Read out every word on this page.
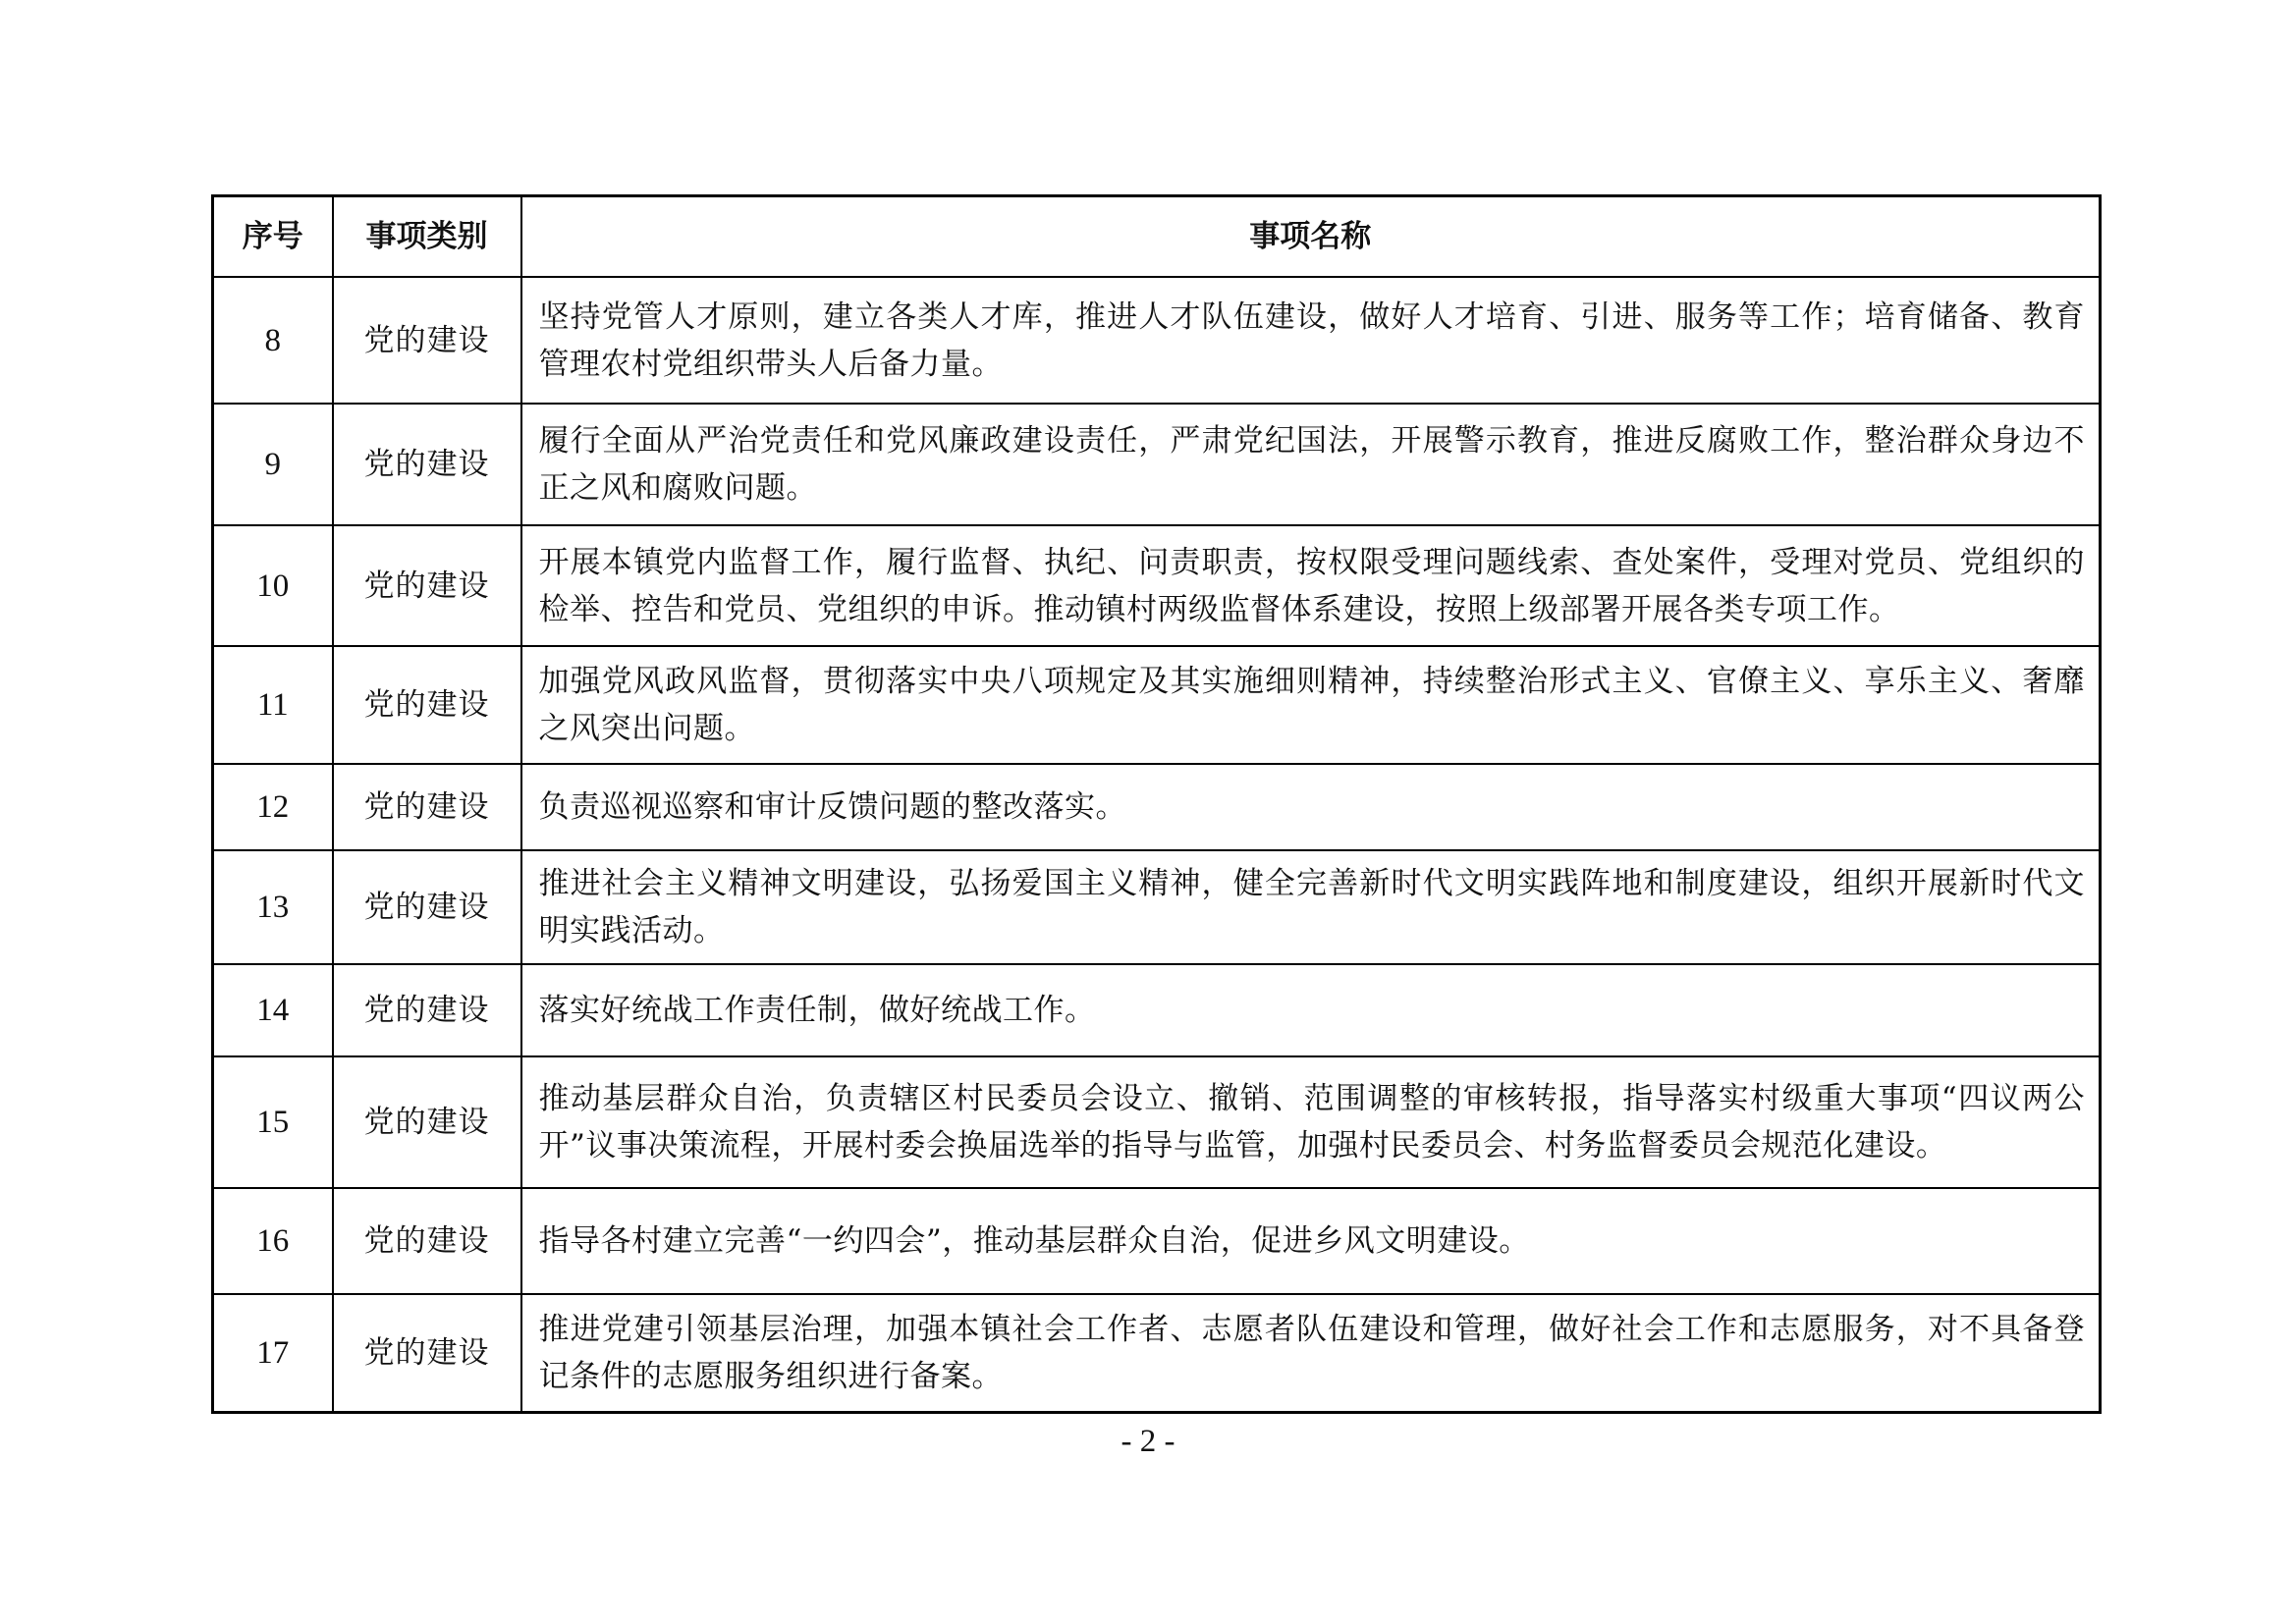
序号	事项类别	事项名称
8	党的建设	坚持党管人才原则，建立各类人才库，推进人才队伍建设，做好人才培育、引进、服务等工作；培育储备、教育管理农村党组织带头人后备力量。
9	党的建设	履行全面从严治党责任和党风廉政建设责任，严肃党纪国法，开展警示教育，推进反腐败工作，整治群众身边不正之风和腐败问题。
10	党的建设	开展本镇党内监督工作，履行监督、执纪、问责职责，按权限受理问题线索、查处案件，受理对党员、党组织的检举、控告和党员、党组织的申诉。推动镇村两级监督体系建设，按照上级部署开展各类专项工作。
11	党的建设	加强党风政风监督，贯彻落实中央八项规定及其实施细则精神，持续整治形式主义、官僚主义、享乐主义、奢靡之风突出问题。
12	党的建设	负责巡视巡察和审计反馈问题的整改落实。
13	党的建设	推进社会主义精神文明建设，弘扬爱国主义精神，健全完善新时代文明实践阵地和制度建设，组织开展新时代文明实践活动。
14	党的建设	落实好统战工作责任制，做好统战工作。
15	党的建设	推动基层群众自治，负责辖区村民委员会设立、撤销、范围调整的审核转报，指导落实村级重大事项“四议两公开”议事决策流程，开展村委会换届选举的指导与监管，加强村民委员会、村务监督委员会规范化建设。
16	党的建设	指导各村建立完善“一约四会”，推动基层群众自治，促进乡风文明建设。
17	党的建设	推进党建引领基层治理，加强本镇社会工作者、志愿者队伍建设和管理，做好社会工作和志愿服务，对不具备登记条件的志愿服务组织进行备案。
- 2 -
